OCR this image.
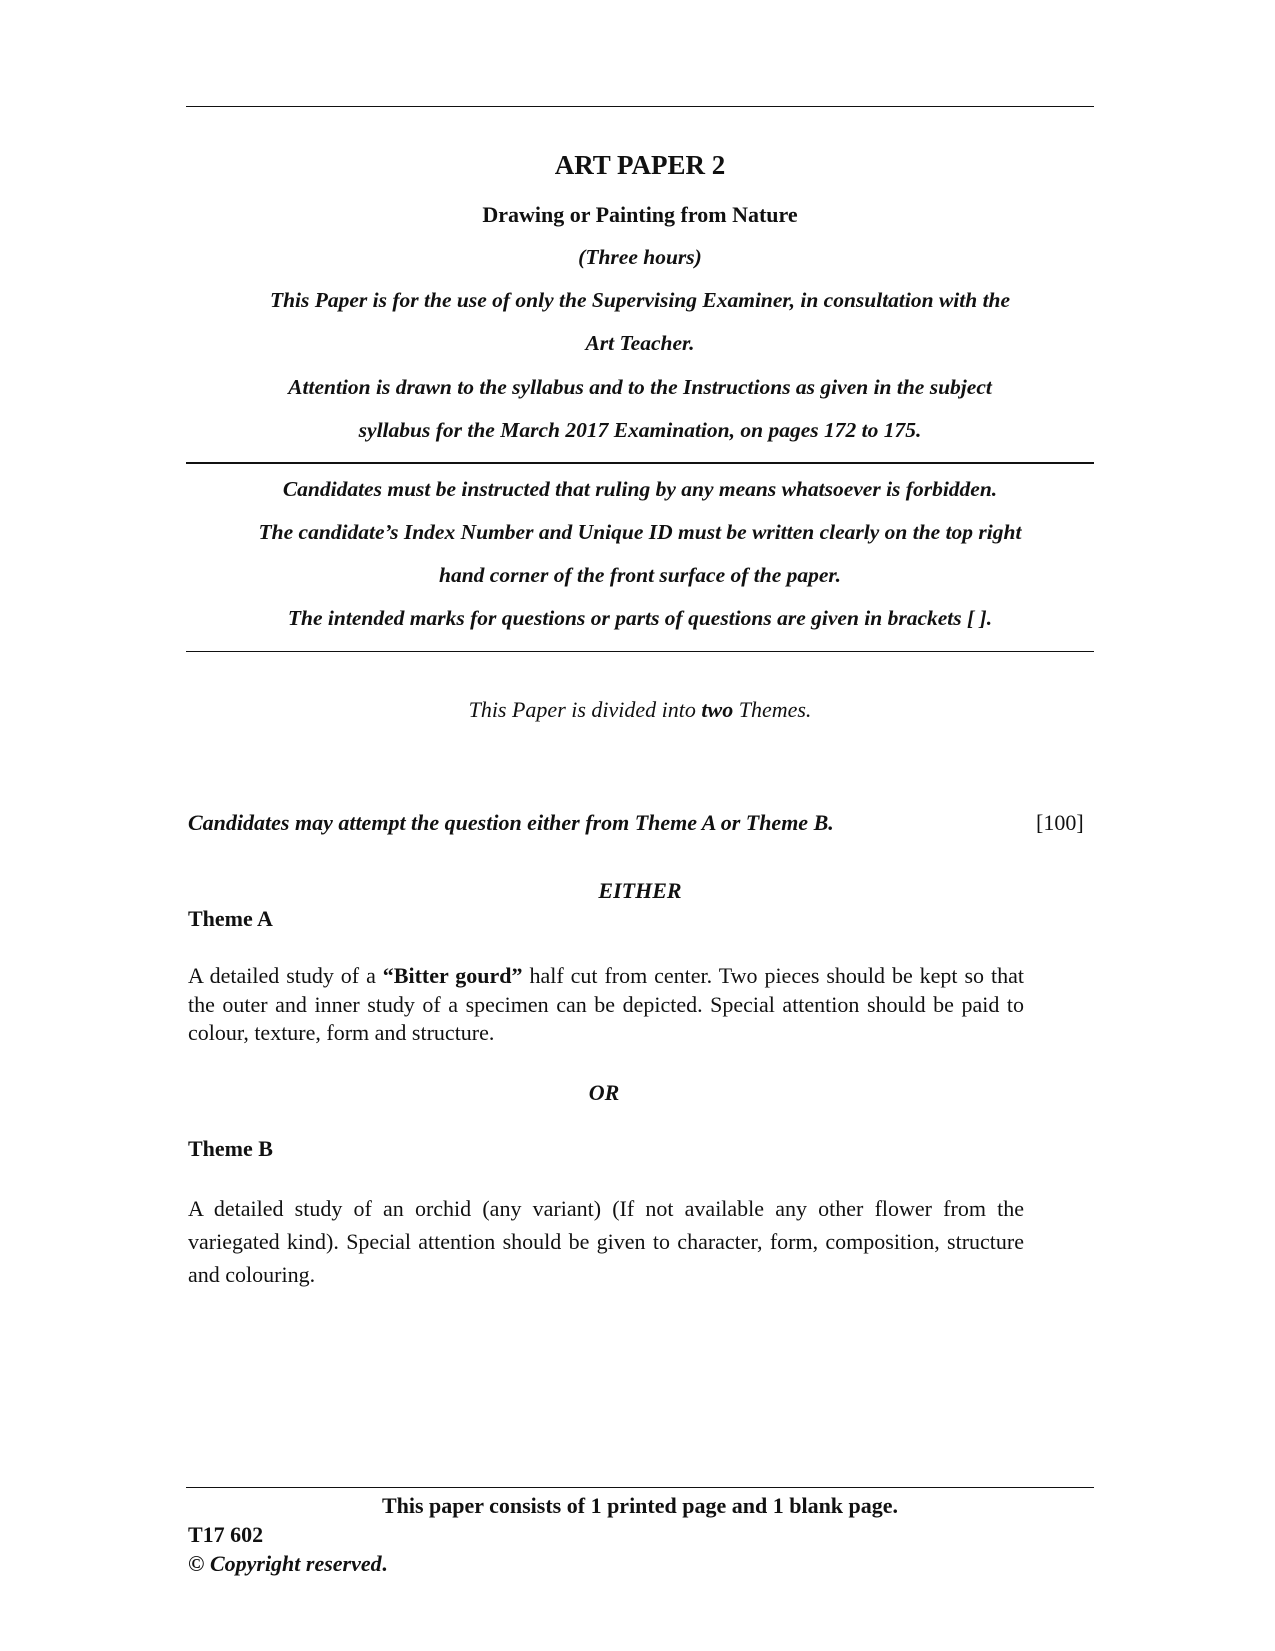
ART PAPER 2
Drawing or Painting from Nature
(Three hours)
This Paper is for the use of only the Supervising Examiner, in consultation with the
Art Teacher.
Attention is drawn to the syllabus and to the Instructions as given in the subject
syllabus for the March 2017 Examination, on pages 172 to 175.
Candidates must be instructed that ruling by any means whatsoever is forbidden.
The candidate’s Index Number and Unique ID must be written clearly on the top right
hand corner of the front surface of the paper.
The intended marks for questions or parts of questions are given in brackets [ ].
This Paper is divided into two Themes.
Candidates may attempt the question either from Theme A or Theme B.	[100]
EITHER
Theme A
A detailed study of a “Bitter gourd” half cut from center. Two pieces should be kept so that the outer and inner study of a specimen can be depicted. Special attention should be paid to colour, texture, form and structure.
OR
Theme B
A detailed study of an orchid (any variant) (If not available any other flower from the variegated kind). Special attention should be given to character, form, composition, structure and colouring.
This paper consists of 1 printed page and 1 blank page.
T17 602
© Copyright reserved.
